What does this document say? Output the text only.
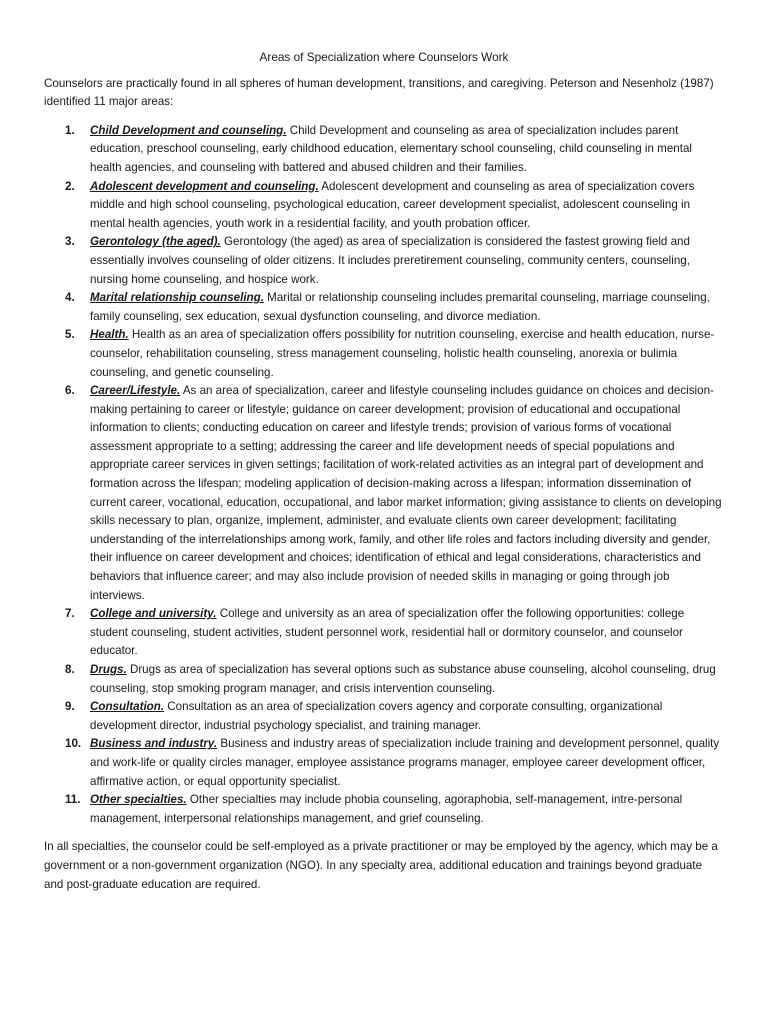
Areas of Specialization where Counselors Work

Counselors are practically found in all spheres of human development, transitions, and caregiving. Peterson and Nesenholz (1987) identified 11 major areas:

1. Child Development and counseling. Child Development and counseling as area of specialization includes parent education, preschool counseling, early childhood education, elementary school counseling, child counseling in mental health agencies, and counseling with battered and abused children and their families.
2. Adolescent development and counseling. Adolescent development and counseling as area of specialization covers middle and high school counseling, psychological education, career development specialist, adolescent counseling in mental health agencies, youth work in a residential facility, and youth probation officer.
3. Gerontology (the aged). Gerontology (the aged) as area of specialization is considered the fastest growing field and essentially involves counseling of older citizens. It includes preretirement counseling, community centers, counseling, nursing home counseling, and hospice work.
4. Marital relationship counseling. Marital or relationship counseling includes premarital counseling, marriage counseling, family counseling, sex education, sexual dysfunction counseling, and divorce mediation.
5. Health. Health as an area of specialization offers possibility for nutrition counseling, exercise and health education, nurse-counselor, rehabilitation counseling, stress management counseling, holistic health counseling, anorexia or bulimia counseling, and genetic counseling.
6. Career/Lifestyle. As an area of specialization, career and lifestyle counseling includes guidance on choices and decision-making pertaining to career or lifestyle; guidance on career development; provision of educational and occupational information to clients; conducting education on career and lifestyle trends; provision of various forms of vocational assessment appropriate to a setting; addressing the career and life development needs of special populations and appropriate career services in given settings; facilitation of work-related activities as an integral part of development and formation across the lifespan; modeling application of decision-making across a lifespan; information dissemination of current career, vocational, education, occupational, and labor market information; giving assistance to clients on developing skills necessary to plan, organize, implement, administer, and evaluate clients own career development; facilitating understanding of the interrelationships among work, family, and other life roles and factors including diversity and gender, their influence on career development and choices; identification of ethical and legal considerations, characteristics and behaviors that influence career; and may also include provision of needed skills in managing or going through job interviews.
7. College and university. College and university as an area of specialization offer the following opportunities: college student counseling, student activities, student personnel work, residential hall or dormitory counselor, and counselor educator.
8. Drugs. Drugs as area of specialization has several options such as substance abuse counseling, alcohol counseling, drug counseling, stop smoking program manager, and crisis intervention counseling.
9. Consultation. Consultation as an area of specialization covers agency and corporate consulting, organizational development director, industrial psychology specialist, and training manager.
10. Business and industry. Business and industry areas of specialization include training and development personnel, quality and work-life or quality circles manager, employee assistance programs manager, employee career development officer, affirmative action, or equal opportunity specialist.
11. Other specialties. Other specialties may include phobia counseling, agoraphobia, self-management, intre-personal management, interpersonal relationships management, and grief counseling.

In all specialties, the counselor could be self-employed as a private practitioner or may be employed by the agency, which may be a government or a non-government organization (NGO). In any specialty area, additional education and trainings beyond graduate and post-graduate education are required.
